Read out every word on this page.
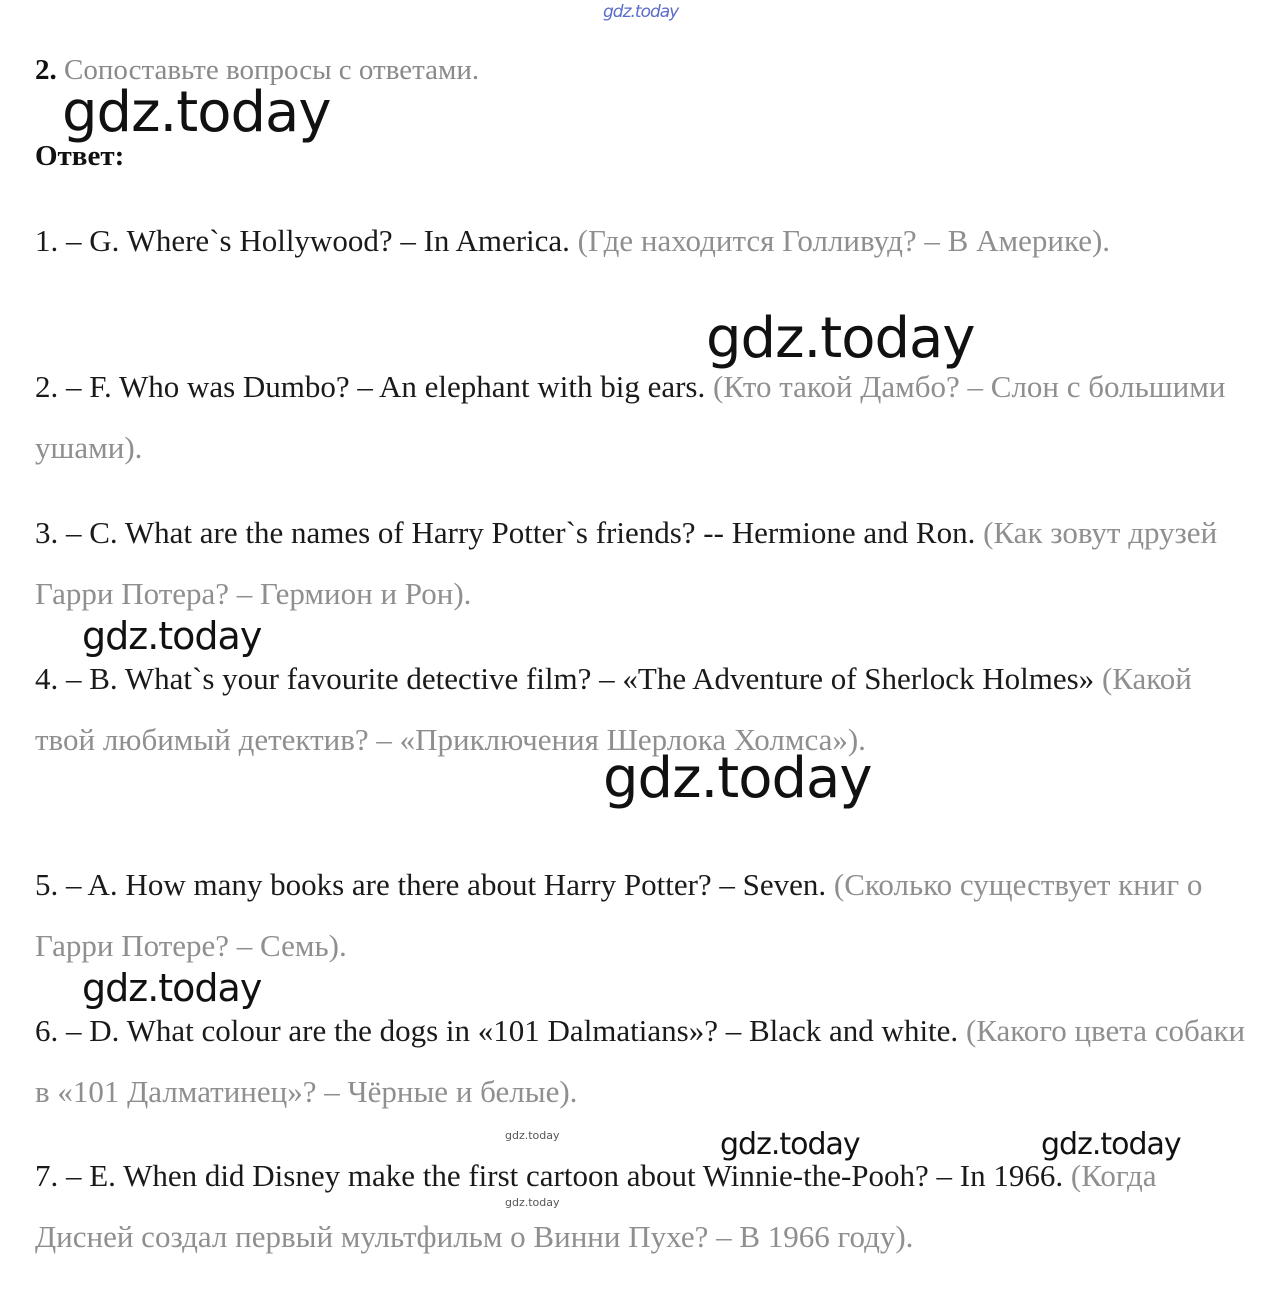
gdz.today
2. Сопоставьте вопросы с ответами.
Ответ:
1. – G. Where`s Hollywood? – In America. (Где находится Голливуд? – В Америке).
2. – F. Who was Dumbo? – An elephant with big ears. (Кто такой Дамбо? – Слон с большими ушами).
3. – C. What are the names of Harry Potter`s friends? -- Hermione and Ron. (Как зовут друзей Гарри Потера? – Гермион и Рон).
4. – B. What`s your favourite detective film? – «The Adventure of Sherlock Holmes» (Какой твой любимый детектив? – «Приключения Шерлока Холмса»).
5. – A. How many books are there about Harry Potter? – Seven. (Сколько существует книг о Гарри Потере? – Семь).
6. – D. What colour are the dogs in «101 Dalmatians»? – Black and white. (Какого цвета собаки в «101 Далматинец»? – Чёрные и белые).
7. – E. When did Disney make the first cartoon about Winnie-the-Pooh? – In 1966. (Когда Дисней создал первый мультфильм о Винни Пухе? – В 1966 году).
gdz.today
gdz.today
gdz.today
gdz.today
gdz.today
gdz.today	gdz.today
gdz.today
gdz.today
